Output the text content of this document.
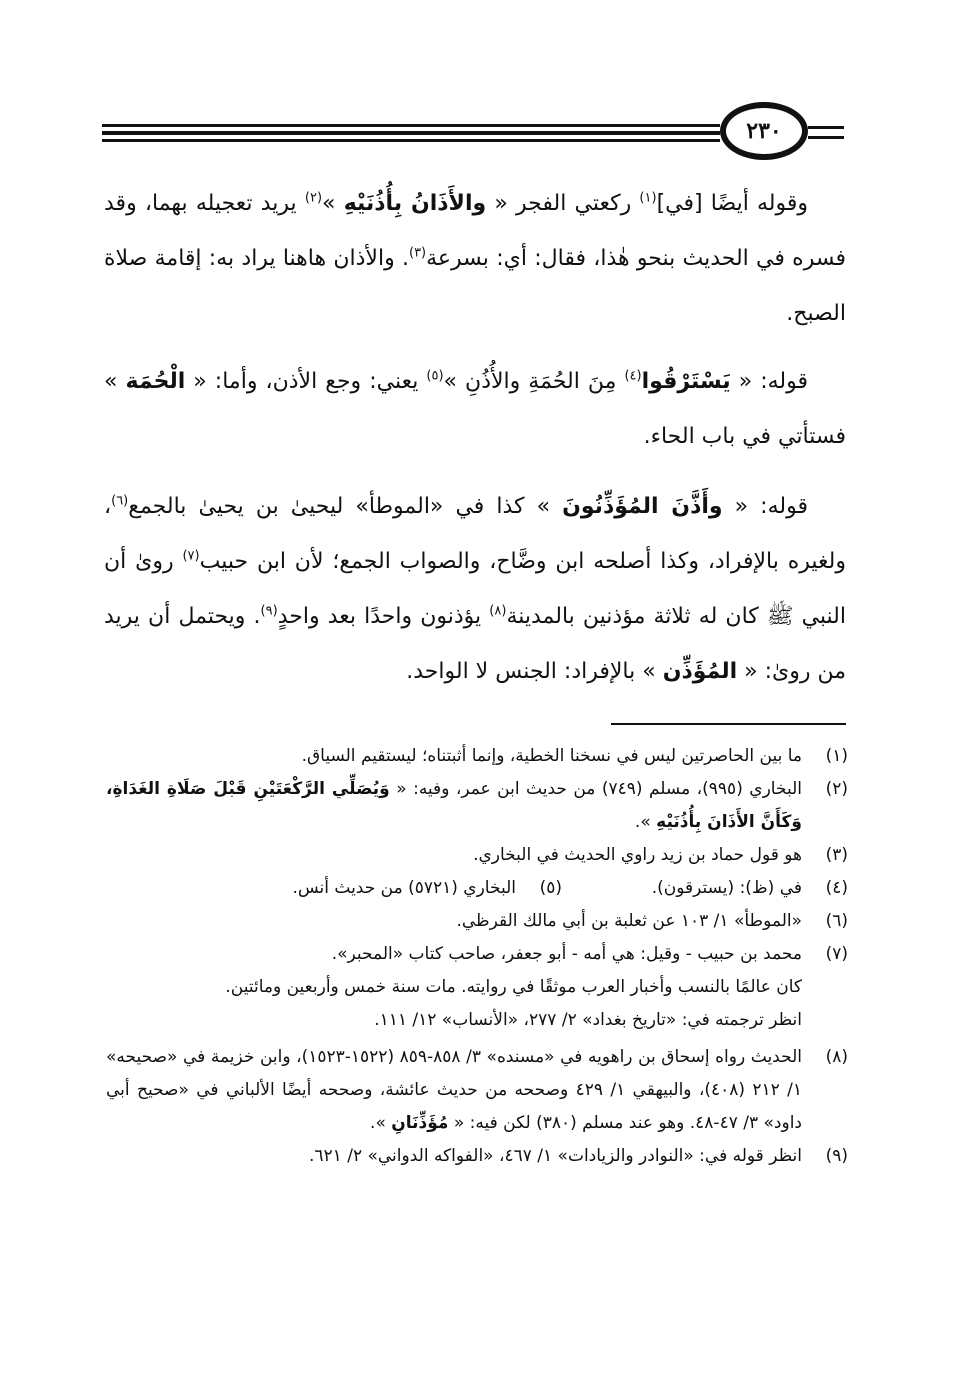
٢٣٠

وقوله أيضًا [في]$^{(١)}$ ركعتي الفجر « والأَذَانُ بِأُذُنَيْهِ »$^{(٢)}$ يريد تعجيله بهما، وقد فسره في الحديث بنحو هٰذا، فقال: أي: بسرعة$^{(٣)}$. والأذان هاهنا يراد به: إقامة صلاة الصبح.

قوله: « يَسْتَرْقُوا$^{(٤)}$ مِنَ الحُمَةِ والأُذُنِ »$^{(٥)}$ يعني: وجع الأذن، وأما: « الْحُمَة » فستأتي في باب الحاء.

قوله: « وأَذَّنَ المُؤَذِّنُونَ » كذا في «الموطأ» ليحيىٰ بن يحيىٰ بالجمع$^{(٦)}$، ولغيره بالإفراد، وكذا أصلحه ابن وضَّاح، والصواب الجمع؛ لأن ابن حبيب$^{(٧)}$ روىٰ أن النبي ﷺ كان له ثلاثة مؤذنين بالمدينة$^{(٨)}$ يؤذنون واحدًا بعد واحدٍ$^{(٩)}$. ويحتمل أن يريد من روىٰ: « المُؤَذِّن » بالإفراد: الجنس لا الواحد.

(١)
ما بين الحاصرتين ليس في نسخنا الخطية، وإنما أثبتناه؛ ليستقيم السياق.
(٢)
البخاري (٩٩٥)، مسلم (٧٤٩) من حديث ابن عمر، وفيه: « وَيُصَلِّي الرَّكْعَتَيْنِ قَبْلَ صَلَاةِ الغَدَاةِ، وَكَأَنَّ الأَذَانَ بِأُذُنَيْهِ ».
(٣)
هو قول حماد بن زيد راوي الحديث في البخاري.
(٤)
في (ظ): (يسترقون).
(٥)
البخاري (٥٧٢١) من حديث أنس.
(٦)
«الموطأ» ١/ ١٠٣ عن ثعلبة بن أبي مالك القرظي.
(٧)
محمد بن حبيب - وقيل: هي أمه - أبو جعفر، صاحب كتاب «المحبر».
كان عالمًا بالنسب وأخبار العرب موثقًا في روايته. مات سنة خمس وأربعين ومائتين.
انظر ترجمته في: «تاريخ بغداد» ٢/ ٢٧٧، «الأنساب» ١٢/ ١١١.
(٨)
الحديث رواه إسحاق بن راهويه في «مسنده» ٣/ ٨٥٨-٨٥٩ (١٥٢٢-١٥٢٣)، وابن خزيمة في «صحيحه» ١/ ٢١٢ (٤٠٨)، والبيهقي ١/ ٤٢٩ وصححه من حديث عائشة، وصححه أيضًا الألباني في «صحيح أبي داود» ٣/ ٤٧-٤٨. وهو عند مسلم (٣٨٠) لكن فيه: « مُؤَذِّنَانِ ».
(٩)
انظر قوله في: «النوادر والزيادات» ١/ ٤٦٧، «الفواكه الدواني» ٢/ ٦٢١.
